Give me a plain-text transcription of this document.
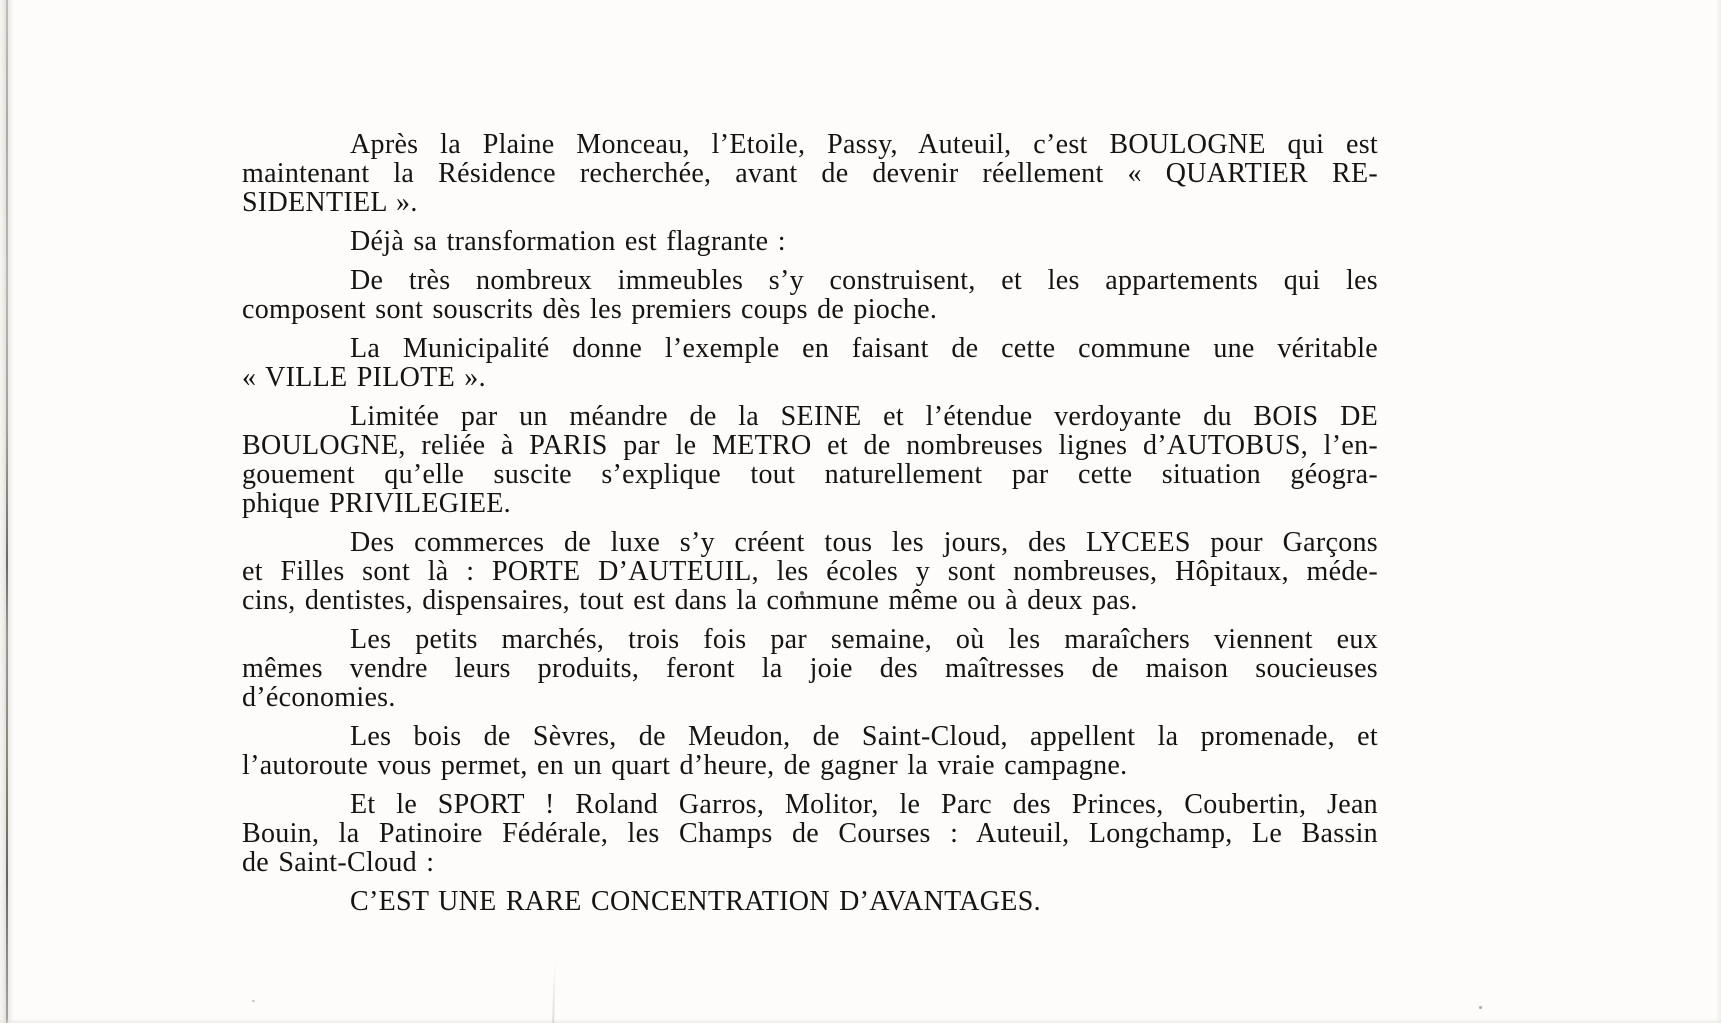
Après la Plaine Monceau, l’Etoile, Passy, Auteuil, c’est BOULOGNE qui est
maintenant la Résidence recherchée, avant de devenir réellement « QUARTIER RE-
SIDENTIEL ».

Déjà sa transformation est flagrante :

De très nombreux immeubles s’y construisent, et les appartements qui les
composent sont souscrits dès les premiers coups de pioche.

La Municipalité donne l’exemple en faisant de cette commune une véritable
« VILLE PILOTE ».

Limitée par un méandre de la SEINE et l’étendue verdoyante du BOIS DE
BOULOGNE, reliée à PARIS par le METRO et de nombreuses lignes d’AUTOBUS, l’en-
gouement qu’elle suscite s’explique tout naturellement par cette situation géogra-
phique PRIVILEGIEE.

Des commerces de luxe s’y créent tous les jours, des LYCEES pour Garçons
et Filles sont là : PORTE D’AUTEUIL, les écoles y sont nombreuses, Hôpitaux, méde-
cins, dentistes, dispensaires, tout est dans la commune même ou à deux pas.

Les petits marchés, trois fois par semaine, où les maraîchers viennent eux
mêmes vendre leurs produits, feront la joie des maîtresses de maison soucieuses
d’économies.

Les bois de Sèvres, de Meudon, de Saint-Cloud, appellent la promenade, et
l’autoroute vous permet, en un quart d’heure, de gagner la vraie campagne.

Et le SPORT ! Roland Garros, Molitor, le Parc des Princes, Coubertin, Jean
Bouin, la Patinoire Fédérale, les Champs de Courses : Auteuil, Longchamp, Le Bassin
de Saint-Cloud :

C’EST UNE RARE CONCENTRATION D’AVANTAGES.
